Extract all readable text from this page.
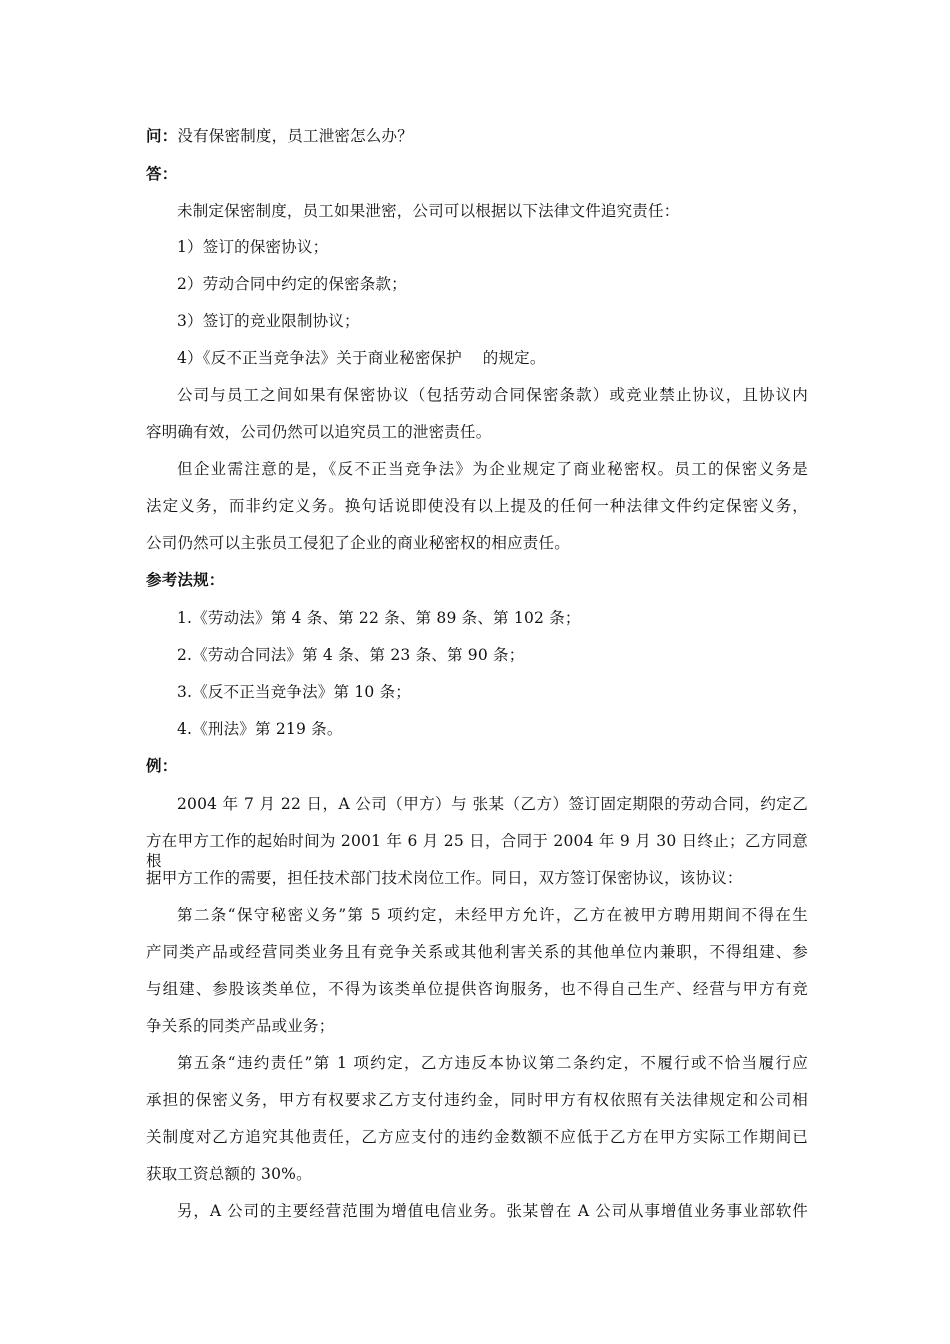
问：没有保密制度，员工泄密怎么办？
答：
未制定保密制度，员工如果泄密，公司可以根据以下法律文件追究责任：
1）签订的保密协议；
2）劳动合同中约定的保密条款；
3）签订的竞业限制协议；
4）《反不正当竞争法》关于商业秘密保护　 的规定。
公司与员工之间如果有保密协议（包括劳动合同保密条款）或竞业禁止协议，且协议内
容明确有效，公司仍然可以追究员工的泄密责任。
但企业需注意的是，《反不正当竞争法》为企业规定了商业秘密权。员工的保密义务是
法定义务，而非约定义务。换句话说即使没有以上提及的任何一种法律文件约定保密义务，
公司仍然可以主张员工侵犯了企业的商业秘密权的相应责任。
参考法规：
1.《劳动法》第 4 条、第 22 条、第 89 条、第 102 条；
2.《劳动合同法》第 4 条、第 23 条、第 90 条；
3.《反不正当竞争法》第 10 条；
4.《刑法》第 219 条。
例：
2004 年 7 月 22 日，A 公司（甲方）与 张某（乙方）签订固定期限的劳动合同，约定乙
方在甲方工作的起始时间为 2001 年 6 月 25 日，合同于 2004 年 9 月 30 日终止；乙方同意根
据甲方工作的需要，担任技术部门技术岗位工作。同日，双方签订保密协议，该协议：
第二条“保守秘密义务”第 5 项约定，未经甲方允许，乙方在被甲方聘用期间不得在生
产同类产品或经营同类业务且有竞争关系或其他利害关系的其他单位内兼职，不得组建、参
与组建、参股该类单位，不得为该类单位提供咨询服务，也不得自己生产、经营与甲方有竞
争关系的同类产品或业务；
第五条“违约责任”第 1 项约定，乙方违反本协议第二条约定，不履行或不恰当履行应
承担的保密义务，甲方有权要求乙方支付违约金，同时甲方有权依照有关法律规定和公司相
关制度对乙方追究其他责任，乙方应支付的违约金数额不应低于乙方在甲方实际工作期间已
获取工资总额的 30%。
另，A 公司的主要经营范围为增值电信业务。张某曾在 A 公司从事增值业务事业部软件
